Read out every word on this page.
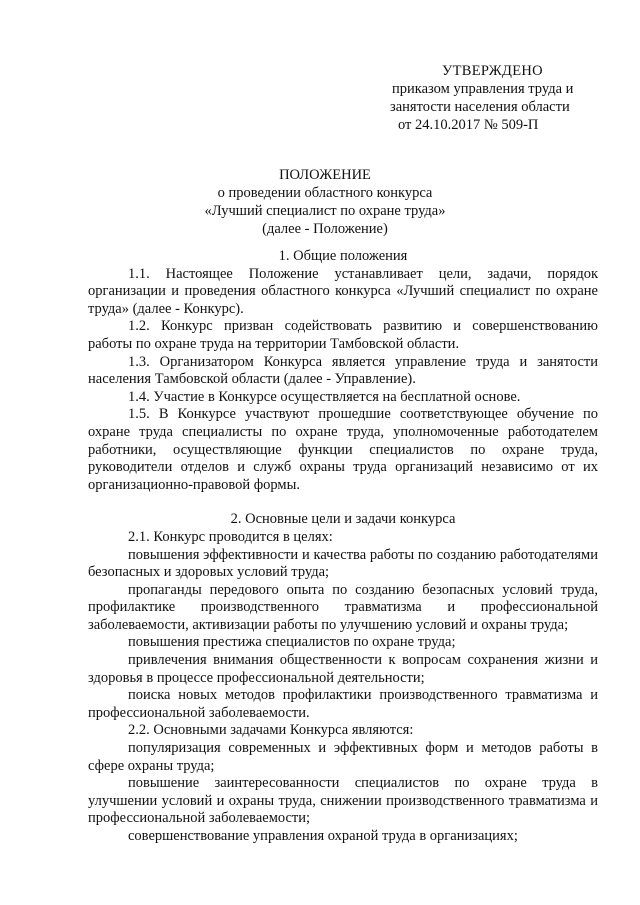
УТВЕРЖДЕНО
приказом управления труда и
занятости населения области
от 24.10.2017 № 509-П
ПОЛОЖЕНИЕ
о проведении областного конкурса
«Лучший специалист по охране труда»
(далее - Положение)
1. Общие положения

1.1. Настоящее Положение устанавливает цели, задачи, порядок организации и проведения областного конкурса «Лучший специалист по охране труда» (далее - Конкурс).

1.2. Конкурс призван содействовать развитию и совершенствованию работы по охране труда на территории Тамбовской области.

1.3. Организатором Конкурса является управление труда и занятости населения Тамбовской области (далее - Управление).

1.4. Участие в Конкурсе осуществляется на бесплатной основе.

1.5. В Конкурсе участвуют прошедшие соответствующее обучение по охране труда специалисты по охране труда, уполномоченные работодателем работники, осуществляющие функции специалистов по охране труда, руководители отделов и служб охраны труда организаций независимо от их организационно-правовой формы.

2. Основные цели и задачи конкурса

2.1. Конкурс проводится в целях:

повышения эффективности и качества работы по созданию работодателями безопасных и здоровых условий труда;

пропаганды передового опыта по созданию безопасных условий труда, профилактике производственного травматизма и профессиональной заболеваемости, активизации работы по улучшению условий и охраны труда;

повышения престижа специалистов по охране труда;

привлечения внимания общественности к вопросам сохранения жизни и здоровья в процессе профессиональной деятельности;

поиска новых методов профилактики производственного травматизма и профессиональной заболеваемости.

2.2. Основными задачами Конкурса являются:

популяризация современных и эффективных форм и методов работы в сфере охраны труда;

повышение заинтересованности специалистов по охране труда в улучшении условий и охраны труда, снижении производственного травматизма и профессиональной заболеваемости;

совершенствование управления охраной труда в организациях;
